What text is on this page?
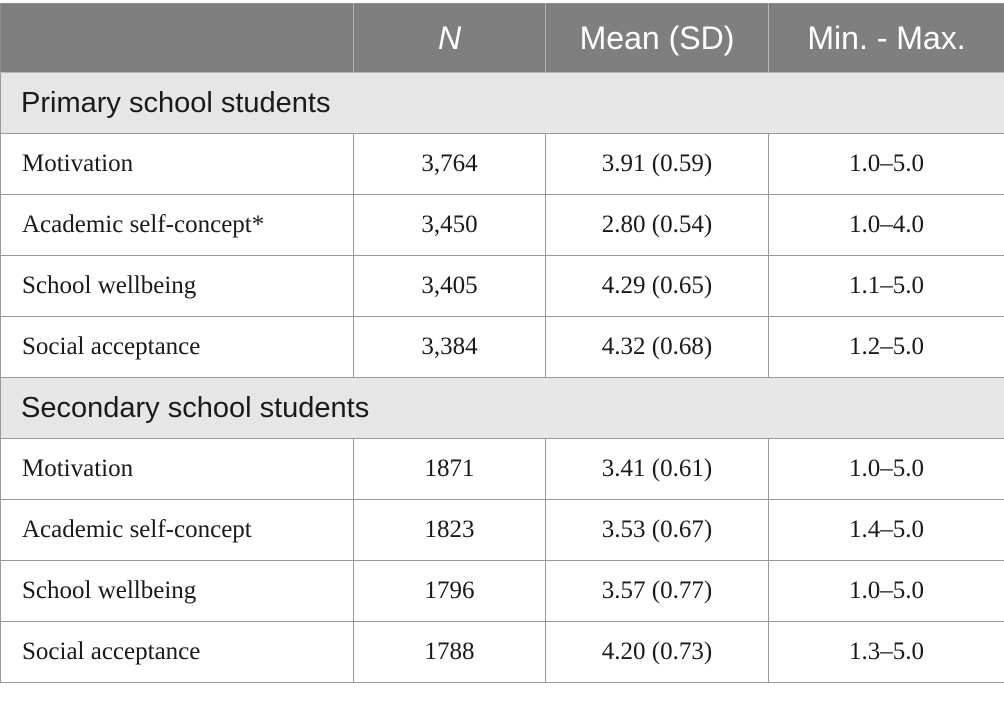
	N	Mean (SD)	Min. - Max.
Primary school students			
Motivation	3,764	3.91 (0.59)	1.0–5.0
Academic self-concept*	3,450	2.80 (0.54)	1.0–4.0
School wellbeing	3,405	4.29 (0.65)	1.1–5.0
Social acceptance	3,384	4.32 (0.68)	1.2–5.0
Secondary school students			
Motivation	1871	3.41 (0.61)	1.0–5.0
Academic self-concept	1823	3.53 (0.67)	1.4–5.0
School wellbeing	1796	3.57 (0.77)	1.0–5.0
Social acceptance	1788	4.20 (0.73)	1.3–5.0
